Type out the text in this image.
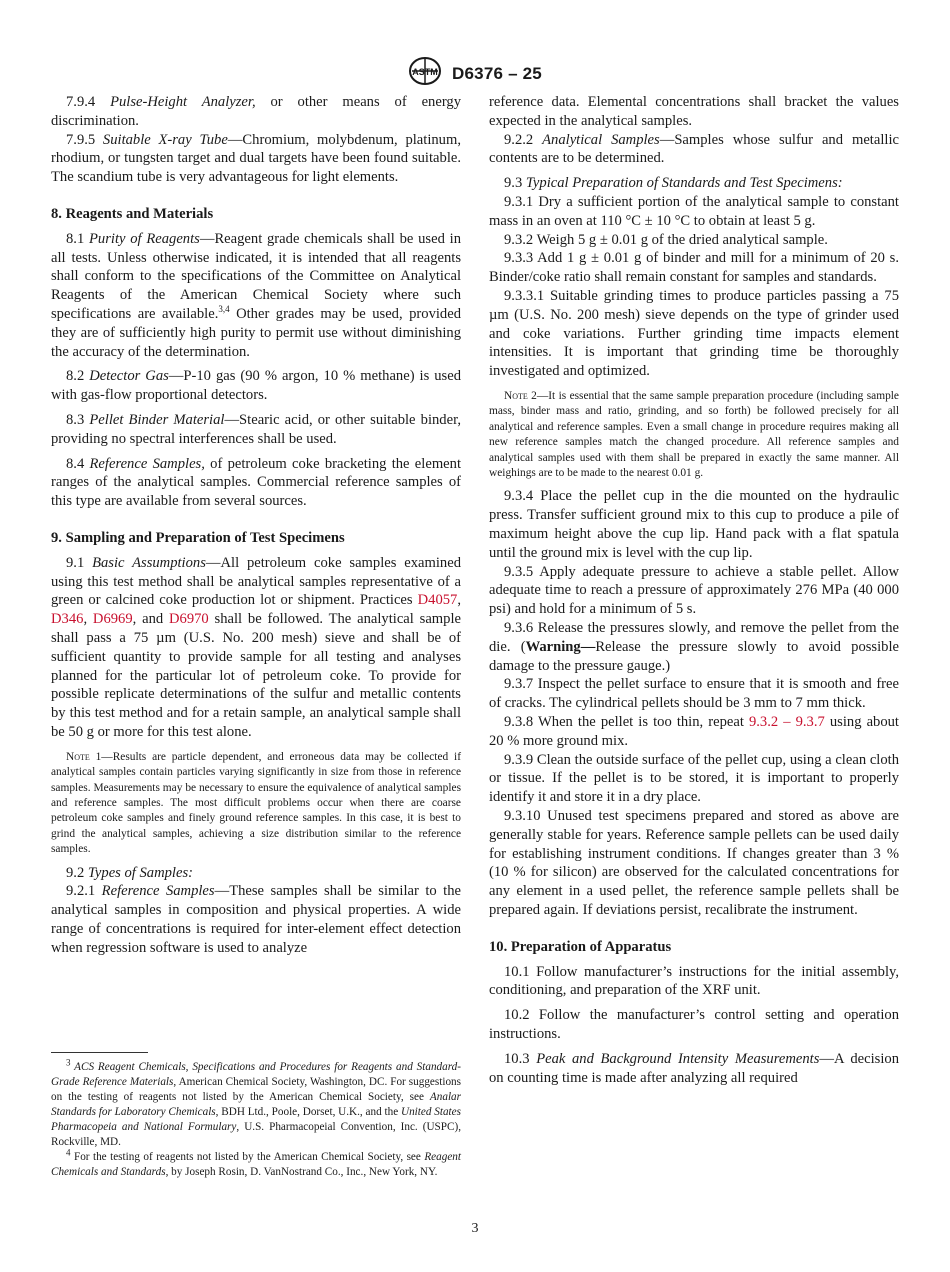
ASTM D6376 – 25

7.9.4 Pulse-Height Analyzer, or other means of energy discrimination.

7.9.5 Suitable X-ray Tube—Chromium, molybdenum, platinum, rhodium, or tungsten target and dual targets have been found suitable. The scandium tube is very advantageous for light elements.

8. Reagents and Materials

8.1 Purity of Reagents—Reagent grade chemicals shall be used in all tests. Unless otherwise indicated, it is intended that all reagents shall conform to the specifications of the Committee on Analytical Reagents of the American Chemical Society where such specifications are available.$^{3,4}$ Other grades may be used, provided they are of sufficiently high purity to permit use without diminishing the accuracy of the determination.

8.2 Detector Gas—P-10 gas (90 % argon, 10 % methane) is used with gas-flow proportional detectors.

8.3 Pellet Binder Material—Stearic acid, or other suitable binder, providing no spectral interferences shall be used.

8.4 Reference Samples, of petroleum coke bracketing the element ranges of the analytical samples. Commercial reference samples of this type are available from several sources.

9. Sampling and Preparation of Test Specimens

9.1 Basic Assumptions—All petroleum coke samples examined using this test method shall be analytical samples representative of a green or calcined coke production lot or shipment. Practices D4057, D346, D6969, and D6970 shall be followed. The analytical sample shall pass a 75 µm (U.S. No. 200 mesh) sieve and shall be of sufficient quantity to provide sample for all testing and analyses planned for the particular lot of petroleum coke. To provide for possible replicate determinations of the sulfur and metallic contents by this test method and for a retain sample, an analytical sample shall be 50 g or more for this test alone.

Note 1—Results are particle dependent, and erroneous data may be collected if analytical samples contain particles varying significantly in size from those in reference samples. Measurements may be necessary to ensure the equivalence of analytical samples and reference samples. The most difficult problems occur when there are coarse petroleum coke samples and finely ground reference samples. In this case, it is best to grind the analytical samples, achieving a size distribution similar to the reference samples.

9.2 Types of Samples:

9.2.1 Reference Samples—These samples shall be similar to the analytical samples in composition and physical properties. A wide range of concentrations is required for inter-element effect detection when regression software is used to analyze

$^3$ ACS Reagent Chemicals, Specifications and Procedures for Reagents and Standard-Grade Reference Materials, American Chemical Society, Washington, DC. For suggestions on the testing of reagents not listed by the American Chemical Society, see Analar Standards for Laboratory Chemicals, BDH Ltd., Poole, Dorset, U.K., and the United States Pharmacopeia and National Formulary, U.S. Pharmacopeial Convention, Inc. (USPC), Rockville, MD.

$^4$ For the testing of reagents not listed by the American Chemical Society, see Reagent Chemicals and Standards, by Joseph Rosin, D. VanNostrand Co., Inc., New York, NY.

reference data. Elemental concentrations shall bracket the values expected in the analytical samples.

9.2.2 Analytical Samples—Samples whose sulfur and metallic contents are to be determined.

9.3 Typical Preparation of Standards and Test Specimens:

9.3.1 Dry a sufficient portion of the analytical sample to constant mass in an oven at 110 °C ± 10 °C to obtain at least 5 g.

9.3.2 Weigh 5 g ± 0.01 g of the dried analytical sample.

9.3.3 Add 1 g ± 0.01 g of binder and mill for a minimum of 20 s. Binder/coke ratio shall remain constant for samples and standards.

9.3.3.1 Suitable grinding times to produce particles passing a 75 µm (U.S. No. 200 mesh) sieve depends on the type of grinder used and coke variations. Further grinding time impacts element intensities. It is important that grinding time be thoroughly investigated and optimized.

Note 2—It is essential that the same sample preparation procedure (including sample mass, binder mass and ratio, grinding, and so forth) be followed precisely for all analytical and reference samples. Even a small change in procedure requires making all new reference samples match the changed procedure. All reference samples and analytical samples used with them shall be prepared in exactly the same manner. All weighings are to be made to the nearest 0.01 g.

9.3.4 Place the pellet cup in the die mounted on the hydraulic press. Transfer sufficient ground mix to this cup to produce a pile of maximum height above the cup lip. Hand pack with a flat spatula until the ground mix is level with the cup lip.

9.3.5 Apply adequate pressure to achieve a stable pellet. Allow adequate time to reach a pressure of approximately 276 MPa (40 000 psi) and hold for a minimum of 5 s.

9.3.6 Release the pressures slowly, and remove the pellet from the die. (Warning—Release the pressure slowly to avoid possible damage to the pressure gauge.)

9.3.7 Inspect the pellet surface to ensure that it is smooth and free of cracks. The cylindrical pellets should be 3 mm to 7 mm thick.

9.3.8 When the pellet is too thin, repeat 9.3.2 – 9.3.7 using about 20 % more ground mix.

9.3.9 Clean the outside surface of the pellet cup, using a clean cloth or tissue. If the pellet is to be stored, it is important to properly identify it and store it in a dry place.

9.3.10 Unused test specimens prepared and stored as above are generally stable for years. Reference sample pellets can be used daily for establishing instrument conditions. If changes greater than 3 % (10 % for silicon) are observed for the calculated concentrations for any element in a used pellet, the reference sample pellets shall be prepared again. If deviations persist, recalibrate the instrument.

10. Preparation of Apparatus

10.1 Follow manufacturer’s instructions for the initial assembly, conditioning, and preparation of the XRF unit.

10.2 Follow the manufacturer’s control setting and operation instructions.

10.3 Peak and Background Intensity Measurements—A decision on counting time is made after analyzing all required

3
